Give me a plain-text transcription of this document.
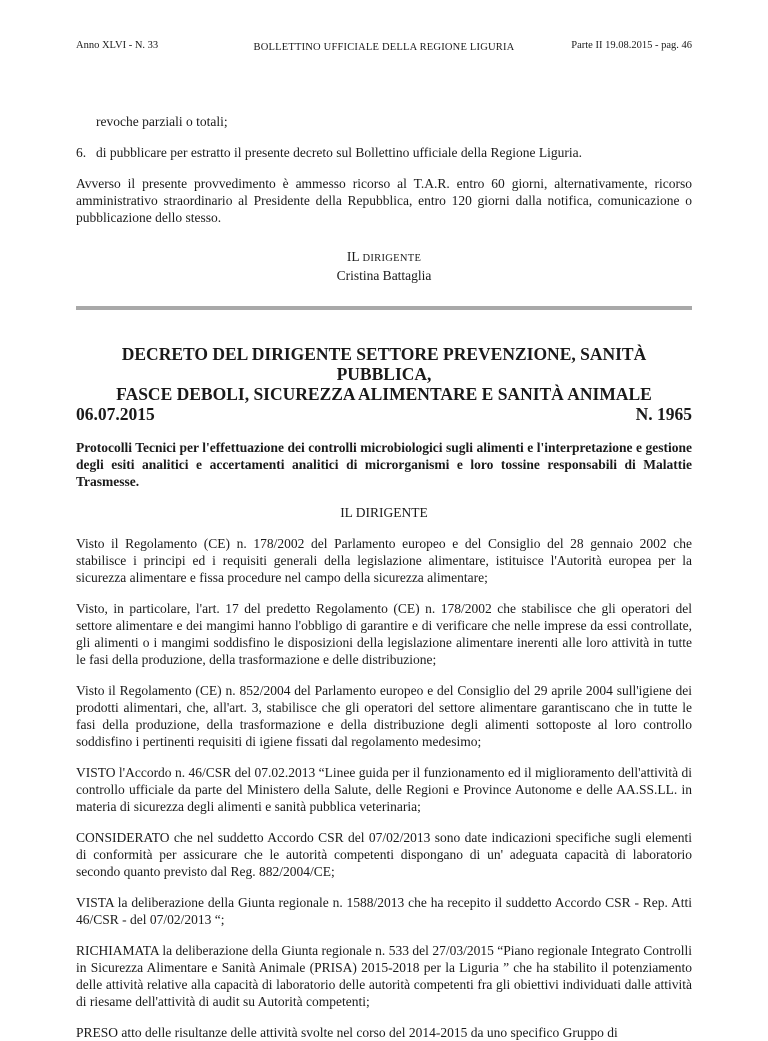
Anno XLVI - N. 33	BOLLETTINO UFFICIALE DELLA REGIONE LIGURIA	Parte II 19.08.2015 - pag. 46

revoche parziali o totali;

6. di pubblicare per estratto il presente decreto sul Bollettino ufficiale della Regione Liguria.

Avverso il presente provvedimento è ammesso ricorso al T.A.R. entro 60 giorni, alternativamente, ricorso amministrativo straordinario al Presidente della Repubblica, entro 120 giorni dalla notifica, comunicazione o pubblicazione dello stesso.

IL DIRIGENTE
Cristina Battaglia
DECRETO DEL DIRIGENTE SETTORE PREVENZIONE, SANITÀ PUBBLICA,
FASCE DEBOLI, SICUREZZA ALIMENTARE E SANITÀ ANIMALE
06.07.2015	N. 1965

Protocolli Tecnici per l'effettuazione dei controlli microbiologici sugli alimenti e l'interpretazione e gestione degli esiti analitici e accertamenti analitici di microrganismi e loro tossine responsabili di Malattie Trasmesse.

IL DIRIGENTE

Visto il Regolamento (CE) n. 178/2002 del Parlamento europeo e del Consiglio del 28 gennaio 2002 che stabilisce i principi ed i requisiti generali della legislazione alimentare, istituisce l'Autorità europea per la sicurezza alimentare e fissa procedure nel campo della sicurezza alimentare;

Visto, in particolare, l'art. 17 del predetto Regolamento (CE) n. 178/2002 che stabilisce che gli operatori del settore alimentare e dei mangimi hanno l'obbligo di garantire e di verificare che nelle imprese da essi controllate, gli alimenti o i mangimi soddisfino le disposizioni della legislazione alimentare inerenti alle loro attività in tutte le fasi della produzione, della trasformazione e delle distribuzione;

Visto il Regolamento (CE) n. 852/2004 del Parlamento europeo e del Consiglio del 29 aprile 2004 sull'igiene dei prodotti alimentari, che, all'art. 3, stabilisce che gli operatori del settore alimentare garantiscano che in tutte le fasi della produzione, della trasformazione e della distribuzione degli alimenti sottoposte al loro controllo soddisfino i pertinenti requisiti di igiene fissati dal regolamento medesimo;

VISTO l'Accordo n. 46/CSR del 07.02.2013 “Linee guida per il funzionamento ed il miglioramento dell'attività di controllo ufficiale da parte del Ministero della Salute, delle Regioni e Province Autonome e delle AA.SS.LL. in materia di sicurezza degli alimenti e sanità pubblica veterinaria;

CONSIDERATO che nel suddetto Accordo CSR del 07/02/2013 sono date indicazioni specifiche sugli elementi di conformità per assicurare che le autorità competenti dispongano di un' adeguata capacità di laboratorio secondo quanto previsto dal Reg. 882/2004/CE;

VISTA la deliberazione della Giunta regionale n. 1588/2013 che ha recepito il suddetto Accordo CSR - Rep. Atti 46/CSR - del 07/02/2013 “;

RICHIAMATA la deliberazione della Giunta regionale n. 533 del 27/03/2015 “Piano regionale Integrato Controlli in Sicurezza Alimentare e Sanità Animale (PRISA) 2015-2018 per la Liguria ” che ha stabilito il potenziamento delle attività relative alla capacità di laboratorio delle autorità competenti fra gli obiettivi individuati dalle attività di riesame dell'attività di audit su Autorità competenti;

PRESO atto delle risultanze delle attività svolte nel corso del 2014-2015 da uno specifico Gruppo di
